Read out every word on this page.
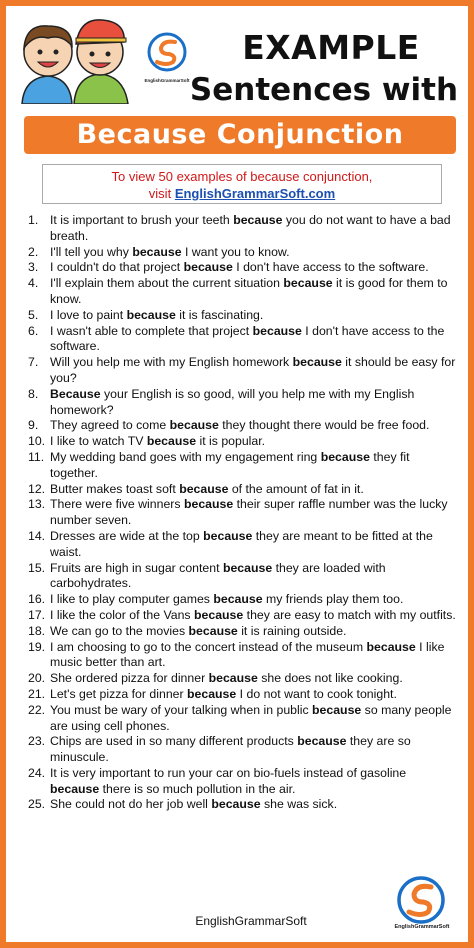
EnglishGrammarSoft
EXAMPLE
Sentences with
Because Conjunction
To view 50 examples of because conjunction,
visit EnglishGrammarSoft.com
1. It is important to brush your teeth because you do not want to have a bad breath.
2. I'll tell you why because I want you to know.
3. I couldn't do that project because I don't have access to the software.
4. I'll explain them about the current situation because it is good for them to know.
5. I love to paint because it is fascinating.
6. I wasn't able to complete that project because I don't have access to the software.
7. Will you help me with my English homework because it should be easy for you?
8. Because your English is so good, will you help me with my English homework?
9. They agreed to come because they thought there would be free food.
10. I like to watch TV because it is popular.
11. My wedding band goes with my engagement ring because they fit together.
12. Butter makes toast soft because of the amount of fat in it.
13. There were five winners because their super raffle number was the lucky number seven.
14. Dresses are wide at the top because they are meant to be fitted at the waist.
15. Fruits are high in sugar content because they are loaded with carbohydrates.
16. I like to play computer games because my friends play them too.
17. I like the color of the Vans because they are easy to match with my outfits.
18. We can go to the movies because it is raining outside.
19. I am choosing to go to the concert instead of the museum because I like music better than art.
20. She ordered pizza for dinner because she does not like cooking.
21. Let's get pizza for dinner because I do not want to cook tonight.
22. You must be wary of your talking when in public because so many people are using cell phones.
23. Chips are used in so many different products because they are so minuscule.
24. It is very important to run your car on bio-fuels instead of gasoline because there is so much pollution in the air.
25. She could not do her job well because she was sick.
EnglishGrammarSoft
EnglishGrammarSoft
